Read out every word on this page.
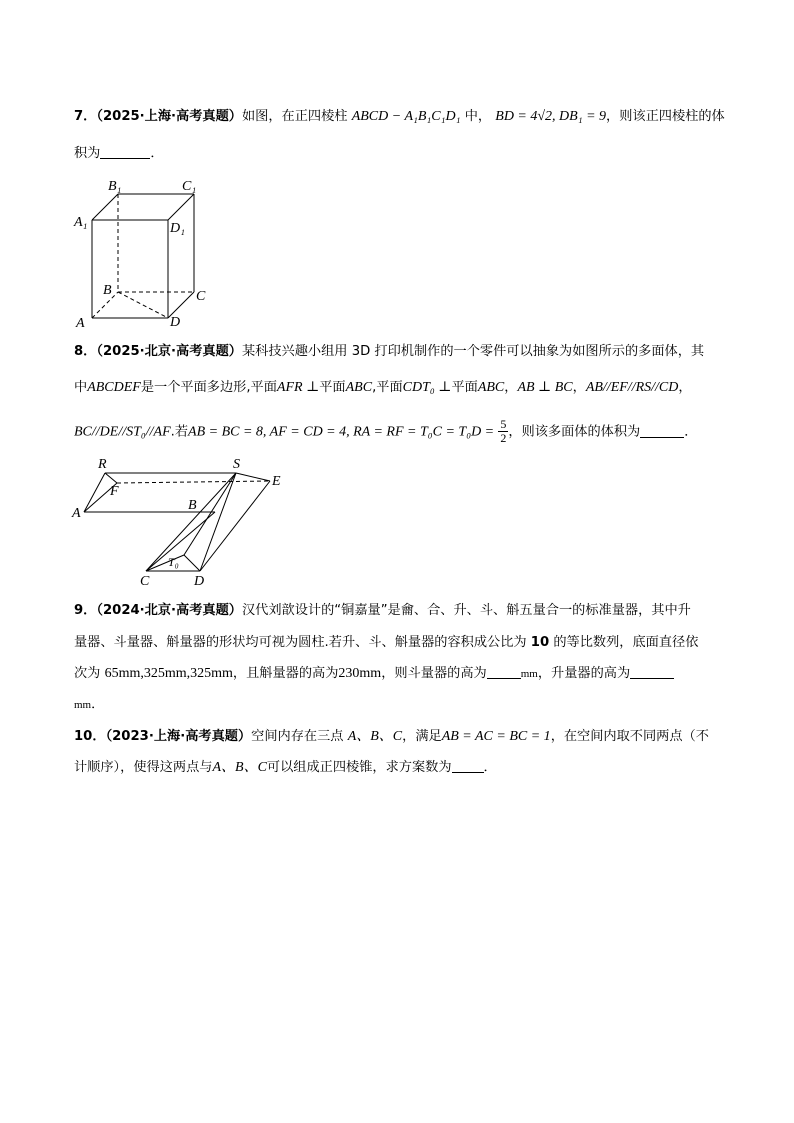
7．（2025·上海·高考真题）如图，在正四棱柱 ABCD − A₁B₁C₁D₁ 中， BD = 4√2, DB₁ = 9，则该正四棱柱的体
积为	．
A₁
B₁	C₁
D₁
A
B	C
D
8．（2025·北京·高考真题）某科技兴趣小组用 3D 打印机制作的一个零件可以抽象为如图所示的多面体，其
中ABCDEF是一个平面多边形,平面AFR ⊥平面ABC,平面CDT₀ ⊥平面ABC，AB ⊥ BC，AB//EF//RS//CD，
BC//DE//ST₀//AF.若AB = BC = 8, AF = CD = 4, RA = RF = $T_0C = T_0D = \frac{5}{2}$ ，则该多面体的体积为	．
R	S
E
F
A
B
T₀
C	D
9．（2024·北京·高考真题）汉代刘歆设计的“铜嘉量”是龠、合、升、斗、斛五量合一的标准量器，其中升
量器、斗量器、斛量器的形状均可视为圆柱.若升、斗、斛量器的容积成公比为 10 的等比数列，底面直径依
次为 65mm,325mm,325mm，且斛量器的高为230mm，则斗量器的高为	mm，升量器的高为
mm．
10．（2023·上海·高考真题）空间内存在三点 A、B、C，满足AB = AC = BC = 1，在空间内取不同两点（不
计顺序），使得这两点与A、B、C可以组成正四棱锥，求方案数为 ．
